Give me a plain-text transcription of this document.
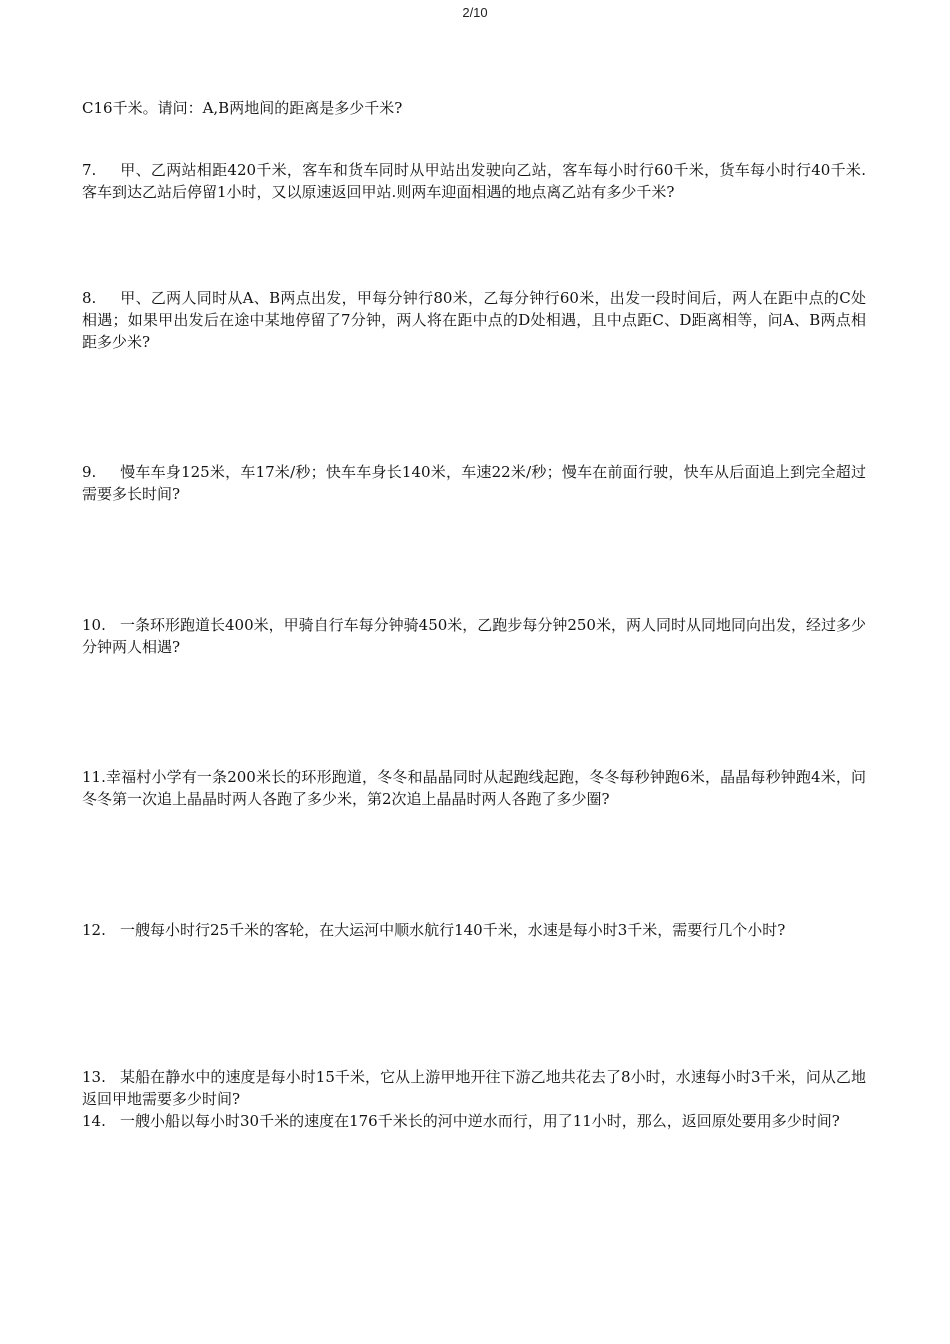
2/10
C16千米。请问：A,B两地间的距离是多少千米?
7. 甲、乙两站相距420千米，客车和货车同时从甲站出发驶向乙站，客车每小时行60千米，货车每小时行40千米.客车到达乙站后停留1小时，又以原速返回甲站.则两车迎面相遇的地点离乙站有多少千米?
8. 甲、乙两人同时从A、B两点出发，甲每分钟行80米，乙每分钟行60米，出发一段时间后，两人在距中点的C处相遇；如果甲出发后在途中某地停留了7分钟，两人将在距中点的D处相遇，且中点距C、D距离相等，问A、B两点相距多少米?
9. 慢车车身125米，车17米/秒；快车车身长140米，车速22米/秒；慢车在前面行驶，快车从后面追上到完全超过需要多长时间?
10. 一条环形跑道长400米，甲骑自行车每分钟骑450米，乙跑步每分钟250米，两人同时从同地同向出发，经过多少分钟两人相遇?
11.幸福村小学有一条200米长的环形跑道，冬冬和晶晶同时从起跑线起跑，冬冬每秒钟跑6米，晶晶每秒钟跑4米，问冬冬第一次追上晶晶时两人各跑了多少米，第2次追上晶晶时两人各跑了多少圈?
12. 一艘每小时行25千米的客轮，在大运河中顺水航行140千米，水速是每小时3千米，需要行几个小时?
13. 某船在静水中的速度是每小时15千米，它从上游甲地开往下游乙地共花去了8小时，水速每小时3千米，问从乙地返回甲地需要多少时间?
14. 一艘小船以每小时30千米的速度在176千米长的河中逆水而行，用了11小时，那么，返回原处要用多少时间?
